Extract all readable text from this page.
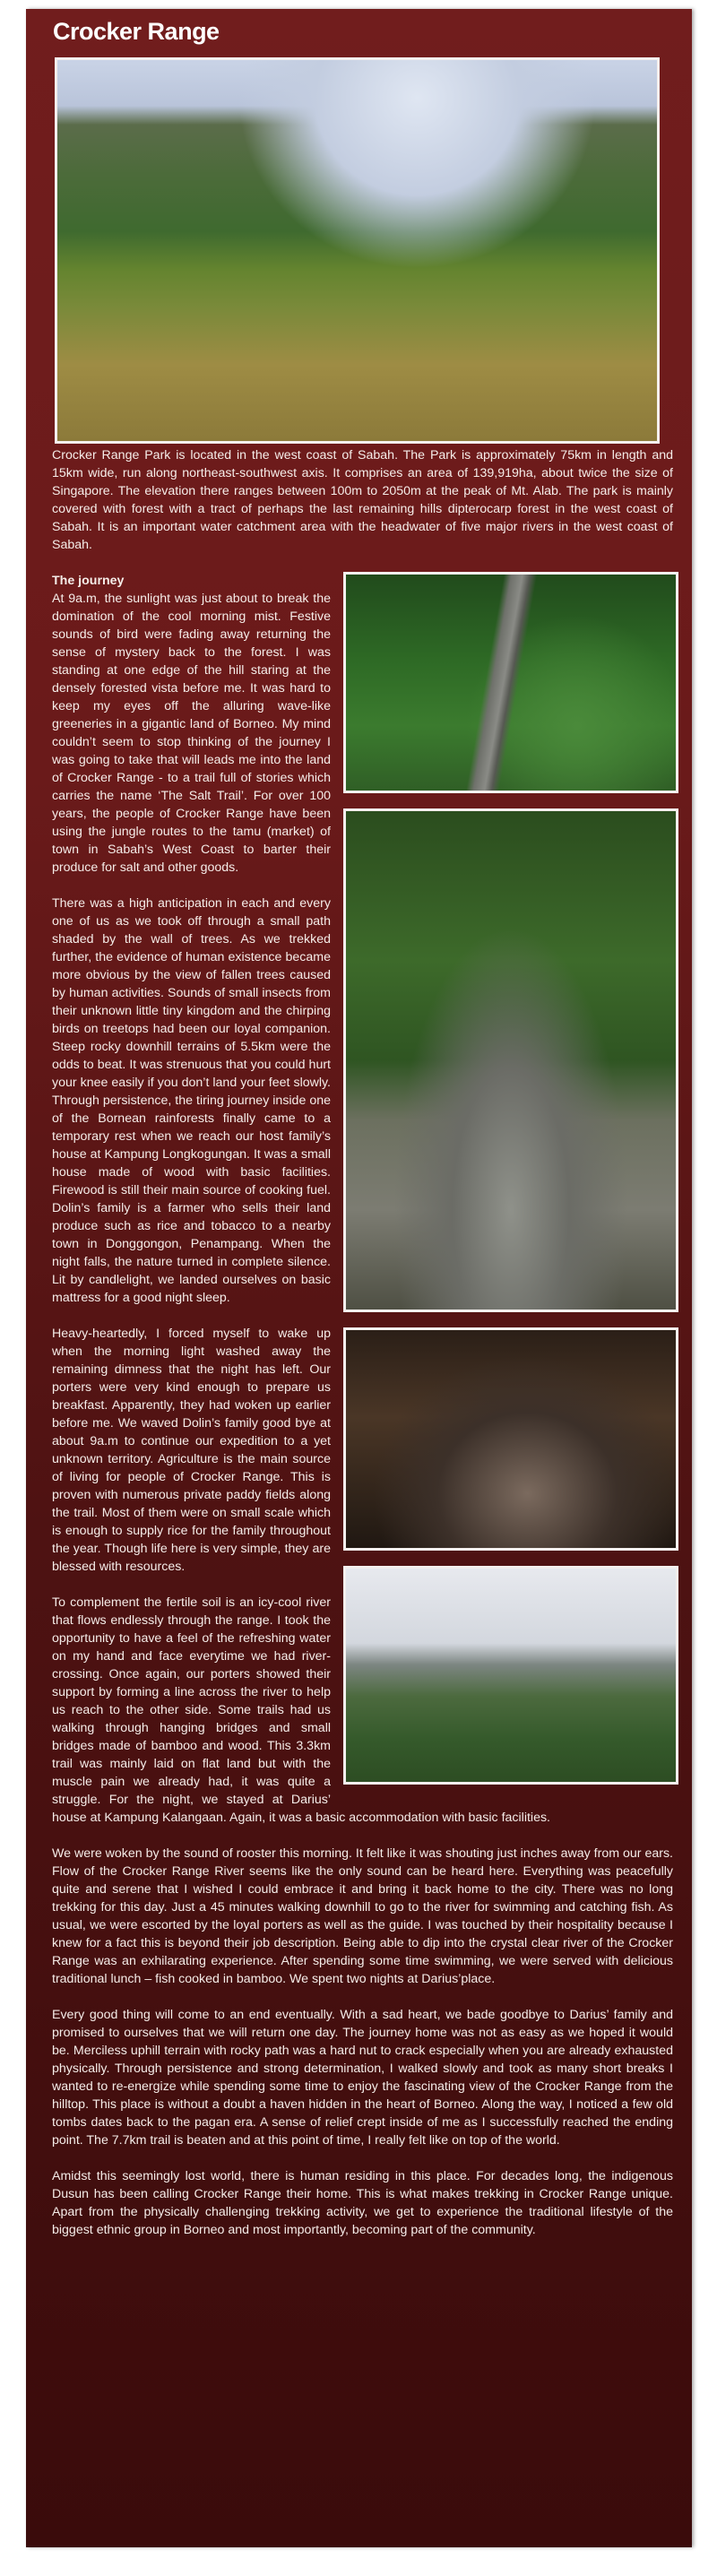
Crocker Range

Crocker Range Park is located in the west coast of Sabah. The Park is approximately 75km in length and 15km wide, run along northeast-southwest axis. It comprises an area of 139,919ha, about twice the size of Singapore. The elevation there ranges between 100m to 2050m at the peak of Mt. Alab. The park is mainly covered with forest with a tract of perhaps the last remaining hills dipterocarp forest in the west coast of Sabah. It is an important water catchment area with the headwater of five major rivers in the west coast of Sabah.

The journey
At 9a.m, the sunlight was just about to break the domination of the cool morning mist. Festive sounds of bird were fading away returning the sense of mystery back to the forest. I was standing at one edge of the hill staring at the densely forested vista before me. It was hard to keep my eyes off the alluring wave-like greeneries in a gigantic land of Borneo. My mind couldn’t seem to stop thinking of the journey I was going to take that will leads me into the land of Crocker Range - to a trail full of stories which carries the name ‘The Salt Trail’. For over 100 years, the people of Crocker Range have been using the jungle routes to the tamu (market) of town in Sabah’s West Coast to barter their produce for salt and other goods.

There was a high anticipation in each and every one of us as we took off through a small path shaded by the wall of trees. As we trekked further, the evidence of human existence became more obvious by the view of fallen trees caused by human activities. Sounds of small insects from their unknown little tiny kingdom and the chirping birds on treetops had been our loyal companion. Steep rocky downhill terrains of 5.5km were the odds to beat. It was strenuous that you could hurt your knee easily if you don’t land your feet slowly. Through persistence, the tiring journey inside one of the Bornean rainforests finally came to a temporary rest when we reach our host family’s house at Kampung Longkogungan. It was a small house made of wood with basic facilities. Firewood is still their main source of cooking fuel. Dolin’s family is a farmer who sells their land produce such as rice and tobacco to a nearby town in Donggongon, Penampang. When the night falls, the nature turned in complete silence. Lit by candlelight, we landed ourselves on basic mattress for a good night sleep.

Heavy-heartedly, I forced myself to wake up when the morning light washed away the remaining dimness that the night has left. Our porters were very kind enough to prepare us breakfast. Apparently, they had woken up earlier before me. We waved Dolin’s family good bye at about 9a.m to continue our expedition to a yet unknown territory. Agriculture is the main source of living for people of Crocker Range. This is proven with numerous private paddy fields along the trail. Most of them were on small scale which is enough to supply rice for the family throughout the year. Though life here is very simple, they are blessed with resources.

To complement the fertile soil is an icy-cool river that flows endlessly through the range. I took the opportunity to have a feel of the refreshing water on my hand and face everytime we had river-crossing. Once again, our porters showed their support by forming a line across the river to help us reach to the other side. Some trails had us walking through hanging bridges and small bridges made of bamboo and wood. This 3.3km trail was mainly laid on flat land but with the muscle pain we already had, it was quite a struggle. For the night, we stayed at Darius’ house at Kampung Kalangaan. Again, it was a basic accommodation with basic facilities.

We were woken by the sound of rooster this morning. It felt like it was shouting just inches away from our ears. Flow of the Crocker Range River seems like the only sound can be heard here. Everything was peacefully quite and serene that I wished I could embrace it and bring it back home to the city. There was no long trekking for this day. Just a 45 minutes walking downhill to go to the river for swimming and catching fish. As usual, we were escorted by the loyal porters as well as the guide. I was touched by their hospitality because I knew for a fact this is beyond their job description. Being able to dip into the crystal clear river of the Crocker Range was an exhilarating experience. After spending some time swimming, we were served with delicious traditional lunch – fish cooked in bamboo. We spent two nights at Darius’place.

Every good thing will come to an end eventually. With a sad heart, we bade goodbye to Darius’ family and promised to ourselves that we will return one day. The journey home was not as easy as we hoped it would be. Merciless uphill terrain with rocky path was a hard nut to crack especially when you are already exhausted physically. Through persistence and strong determination, I walked slowly and took as many short breaks I wanted to re-energize while spending some time to enjoy the fascinating view of the Crocker Range from the hilltop. This place is without a doubt a haven hidden in the heart of Borneo. Along the way, I noticed a few old tombs dates back to the pagan era. A sense of relief crept inside of me as I successfully reached the ending point. The 7.7km trail is beaten and at this point of time, I really felt like on top of the world.

Amidst this seemingly lost world, there is human residing in this place. For decades long, the indigenous Dusun has been calling Crocker Range their home. This is what makes trekking in Crocker Range unique. Apart from the physically challenging trekking activity, we get to experience the traditional lifestyle of the biggest ethnic group in Borneo and most importantly, becoming part of the community.
